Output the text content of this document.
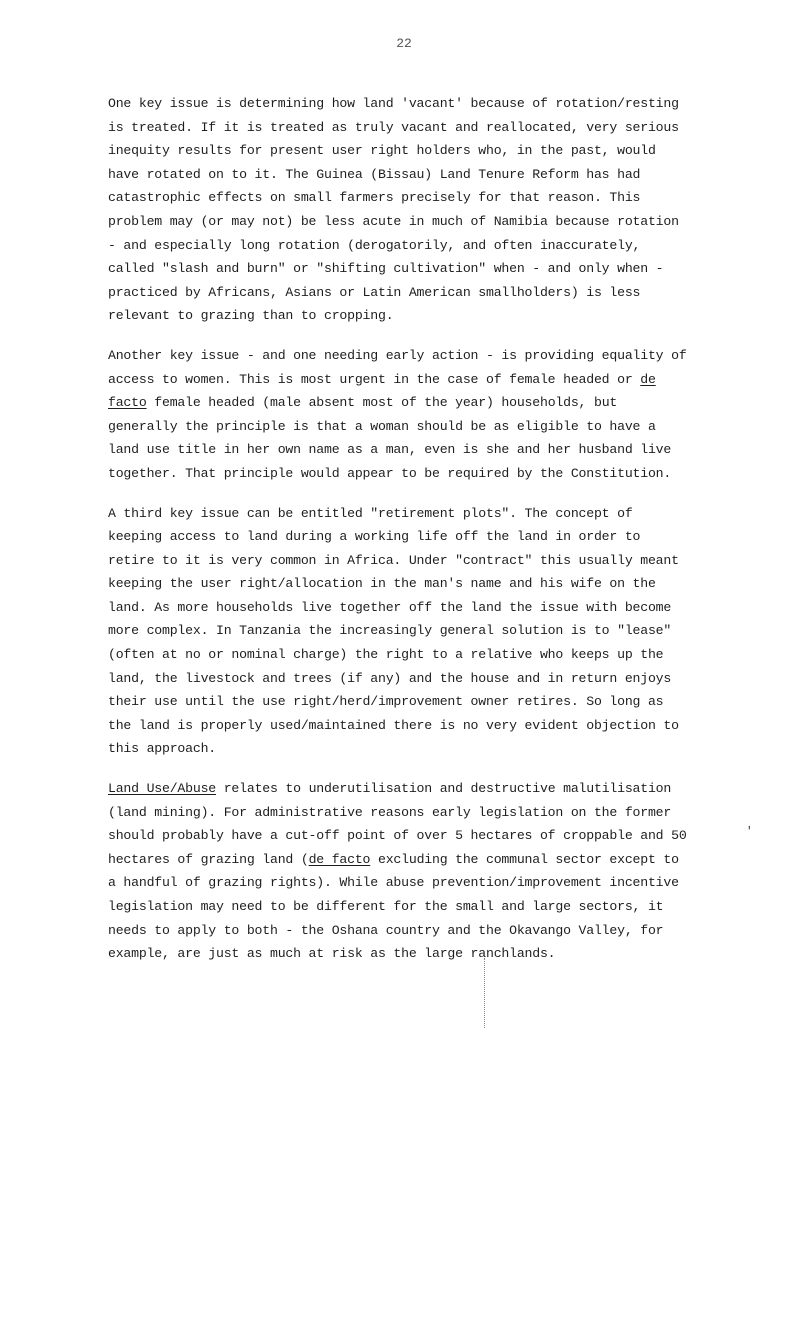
22

One key issue is determining how land 'vacant' because of rotation/resting
is treated. If it is treated as truly vacant and reallocated, very serious
inequity results for present user right holders who, in the past, would
have rotated on to it. The Guinea (Bissau) Land Tenure Reform has had
catastrophic effects on small farmers precisely for that reason. This
problem may (or may not) be less acute in much of Namibia because rotation
- and especially long rotation (derogatorily, and often inaccurately,
called "slash and burn" or "shifting cultivation" when - and only when -
practiced by Africans, Asians or Latin American smallholders) is less
relevant to grazing than to cropping.

Another key issue - and one needing early action - is providing equality of
access to women. This is most urgent in the case of female headed or de
facto female headed (male absent most of the year) households, but
generally the principle is that a woman should be as eligible to have a
land use title in her own name as a man, even is she and her husband live
together. That principle would appear to be required by the Constitution.

A third key issue can be entitled "retirement plots". The concept of
keeping access to land during a working life off the land in order to
retire to it is very common in Africa. Under "contract" this usually meant
keeping the user right/allocation in the man's name and his wife on the
land. As more households live together off the land the issue with become
more complex. In Tanzania the increasingly general solution is to "lease"
(often at no or nominal charge) the right to a relative who keeps up the
land, the livestock and trees (if any) and the house and in return enjoys
their use until the use right/herd/improvement owner retires. So long as
the land is properly used/maintained there is no very evident objection to
this approach.

Land Use/Abuse relates to underutilisation and destructive malutilisation
(land mining). For administrative reasons early legislation on the former
should probably have a cut-off point of over 5 hectares of croppable and 50
hectares of grazing land (de facto excluding the communal sector except to
a handful of grazing rights). While abuse prevention/improvement incentive
legislation may need to be different for the small and large sectors, it
needs to apply to both - the Oshana country and the Okavango Valley, for
example, are just as much at risk as the large ranchlands.

'
